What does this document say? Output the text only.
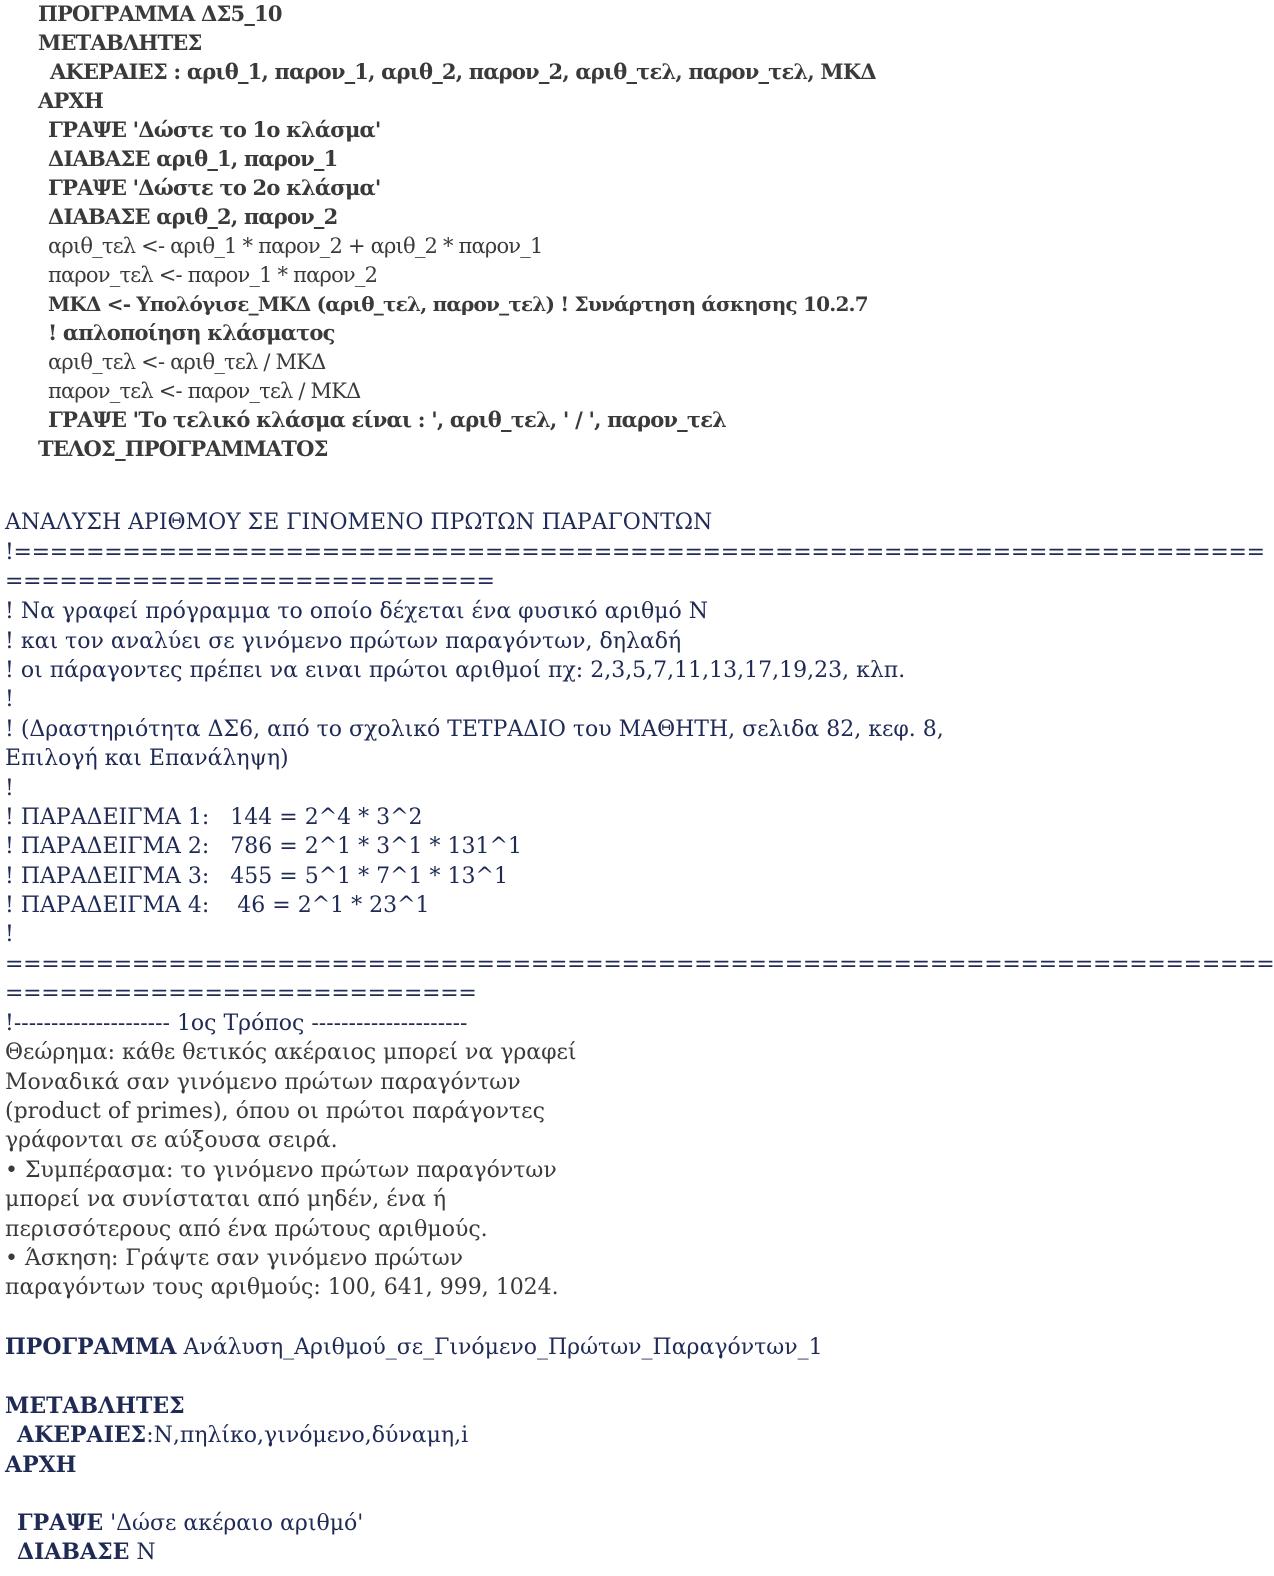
ΠΡΟΓΡΑΜΜΑ ΔΣ5_10
ΜΕΤΑΒΛΗΤΕΣ
ΑΚΕΡΑΙΕΣ : αριθ_1, παρον_1, αριθ_2, παρον_2, αριθ_τελ, παρον_τελ, ΜΚΔ
ΑΡΧΗ
ΓΡΑΨΕ 'Δώστε το 1ο κλάσμα'
ΔΙΑΒΑΣΕ αριθ_1, παρον_1
ΓΡΑΨΕ 'Δώστε το 2ο κλάσμα'
ΔΙΑΒΑΣΕ αριθ_2, παρον_2
αριθ_τελ <- αριθ_1 * παρον_2 + αριθ_2 * παρον_1
παρον_τελ <- παρον_1 * παρον_2
ΜΚΔ <- Υπολόγισε_ΜΚΔ (αριθ_τελ, παρον_τελ) ! Συνάρτηση άσκησης 10.2.7
! απλοποίηση κλάσματος
αριθ_τελ <- αριθ_τελ / ΜΚΔ
παρον_τελ <- παρον_τελ / ΜΚΔ
ΓΡΑΨΕ 'Το τελικό κλάσμα είναι : ', αριθ_τελ, ' / ', παρον_τελ
ΤΕΛΟΣ_ΠΡΟΓΡΑΜΜΑΤΟΣ
ΑΝΑΛΥΣΗ ΑΡΙΘΜΟΥ ΣΕ ΓΙΝΟΜΕΝΟ ΠΡΩΤΩΝ ΠΑΡΑΓΟΝΤΩΝ
!=====================================================================
===========================
! Να γραφεί πρόγραμμα το οποίο δέχεται ένα φυσικό αριθμό Ν
! και τον αναλύει σε γινόμενο πρώτων παραγόντων, δηλαδή
! οι πάραγοντες πρέπει να ειναι πρώτοι αριθμοί πχ: 2,3,5,7,11,13,17,19,23, κλπ.
!
! (Δραστηριότητα ΔΣ6, από το σχολικό ΤΕΤΡΑΔΙΟ του ΜΑΘΗΤΗ, σελιδα 82, κεφ. 8,
Επιλογή και Επανάληψη)
!
! ΠΑΡΑΔΕΙΓΜΑ 1:   144 = 2^4 * 3^2
! ΠΑΡΑΔΕΙΓΜΑ 2:   786 = 2^1 * 3^1 * 131^1
! ΠΑΡΑΔΕΙΓΜΑ 3:   455 = 5^1 * 7^1 * 13^1
! ΠΑΡΑΔΕΙΓΜΑ 4:    46 = 2^1 * 23^1
!
======================================================================
==========================
!--------------------- 1ος Τρόπος ---------------------
Θεώρημα: κάθε θετικός ακέραιος μπορεί να γραφεί
Μοναδικά σαν γινόμενο πρώτων παραγόντων
(product of primes), όπου οι πρώτοι παράγοντες
γράφονται σε αύξουσα σειρά.
• Συμπέρασμα: το γινόμενο πρώτων παραγόντων
μπορεί να συνίσταται από μηδέν, ένα ή
περισσότερους από ένα πρώτους αριθμούς.
• Άσκηση: Γράψτε σαν γινόμενο πρώτων
παραγόντων τους αριθμούς: 100, 641, 999, 1024.
ΠΡΟΓΡΑΜΜΑ Ανάλυση_Αριθμού_σε_Γινόμενο_Πρώτων_Παραγόντων_1
ΜΕΤΑΒΛΗΤΕΣ
ΑΚΕΡΑΙΕΣ:Ν,πηλίκο,γινόμενο,δύναμη,i
ΑΡΧΗ
ΓΡΑΨΕ 'Δώσε ακέραιο αριθμό'
ΔΙΑΒΑΣΕ Ν
